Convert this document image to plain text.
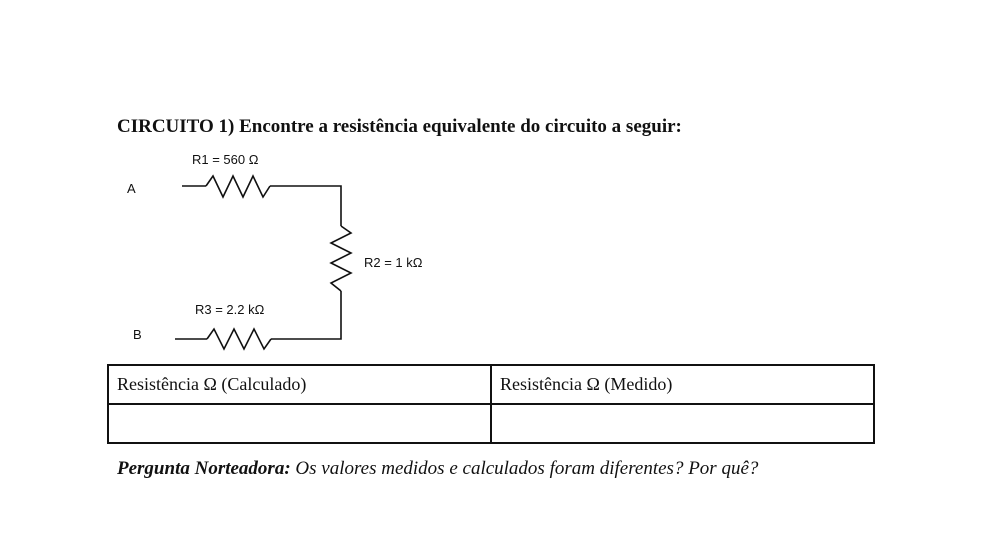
CIRCUITO 1) Encontre a resistência equivalente do circuito a seguir:
R1 = 560 Ω
A
R2 = 1 kΩ
R3 = 2.2 kΩ
B
Resistência Ω (Calculado)	Resistência Ω (Medido)

Pergunta Norteadora: Os valores medidos e calculados foram diferentes? Por quê?
